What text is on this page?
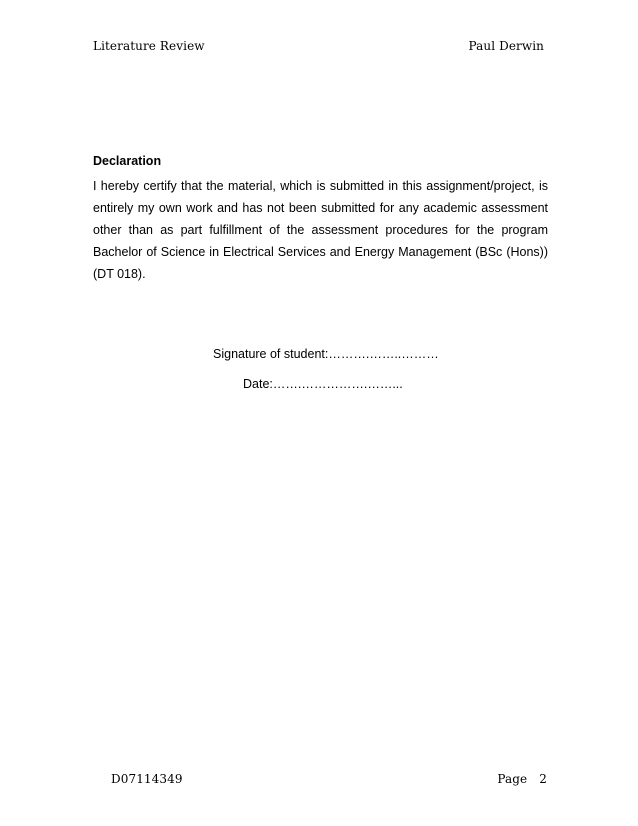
Literature Review	Paul Derwin
Declaration
I hereby certify that the material, which is submitted in this assignment/project, is
entirely my own work and has not been submitted for any academic assessment
other than as part fulfillment of the assessment procedures for the program
Bachelor of Science in Electrical Services and Energy Management (BSc (Hons))
(DT 018).
Signature of student:……….……..………
Date:…….…………….……...
D07114349	Page 2
